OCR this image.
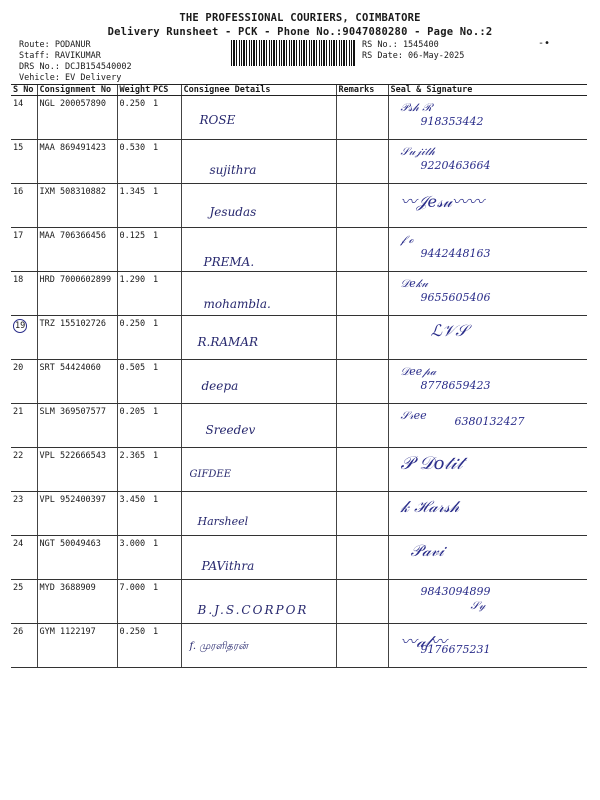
THE PROFESSIONAL COURIERS, COIMBATORE
Delivery Runsheet - PCK - Phone No.:9047080280 - Page No.:2
Route: PODANUR
Staff: RAVIKUMAR
DRS No.: DCJB154540002
Vehicle: EV Delivery
RS No.: 1545400
RS Date: 06-May-2025
-•
S No	Consignment No	Weight	PCS	Consignee Details	Remarks	Seal & Signature
14	NGL 200057890	0.250	1	ROSE		𝒫𝓈𝒽 ℛ
918353442

15	MAA 869491423	0.530	1	sujithra		𝒮𝓊𝒿𝒾𝓉𝒽
9220463664

16	IXM 508310882	1.345	1	Jesudas		〰𝒥𝑒𝓈𝓊〰〰

17	MAA 706366456	0.125	1	PREMA.		𝒻 ℴ
9442448163

18	HRD 7000602899	1.290	1	mohambla.		𝒟𝑒𝓀𝓊
9655605406

19	TRZ 155102726	0.250	1	R.RAMAR		ℒ𝒱𝒮

20	SRT 54424060	0.505	1	deepa		𝒟𝑒𝑒𝓅𝒶
8778659423

21	SLM 369507577	0.205	1	Sreedev		𝒮𝓇𝑒𝑒 6380132427

22	VPL 522666543	2.365	1	GIFDEE		𝒫 𝒟𝑜𝓉𝒾𝓉

23	VPL 952400397	3.450	1	Harsheel		𝓀 ℋ𝒶𝓇𝓈𝒽

24	NGT 50049463	3.000	1	PAVithra		𝒫𝒶𝓋𝒾

25	MYD 3688909	7.000	1	B.J.S.CORPOR		9843094899
𝒮𝓎

26	GYM 1122197	0.250	1	f. முரளிதரன்		〰𝒶𝓁〰
9176675231
